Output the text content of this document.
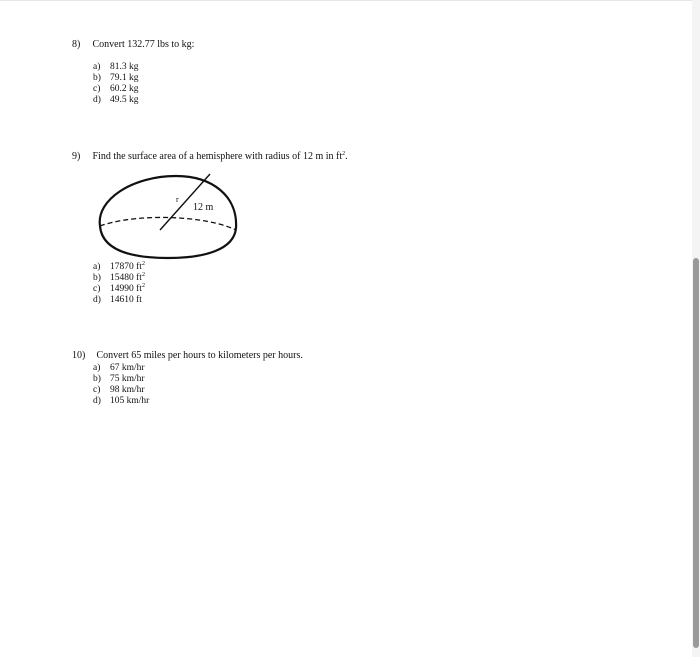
8) Convert 132.77 lbs to kg:
a) 81.3 kg
b) 79.1 kg
c) 60.2 kg
d) 49.5 kg
9) Find the surface area of a hemisphere with radius of 12 m in $ft^2$.
r
12 m
a) 17870 $ft^2$
b) 15480 $ft^2$
c) 14990 $ft^2$
d) 14610 ft
10) Convert 65 miles per hours to kilometers per hours.
a) 67 km/hr
b) 75 km/hr
c) 98 km/hr
d) 105 km/hr
